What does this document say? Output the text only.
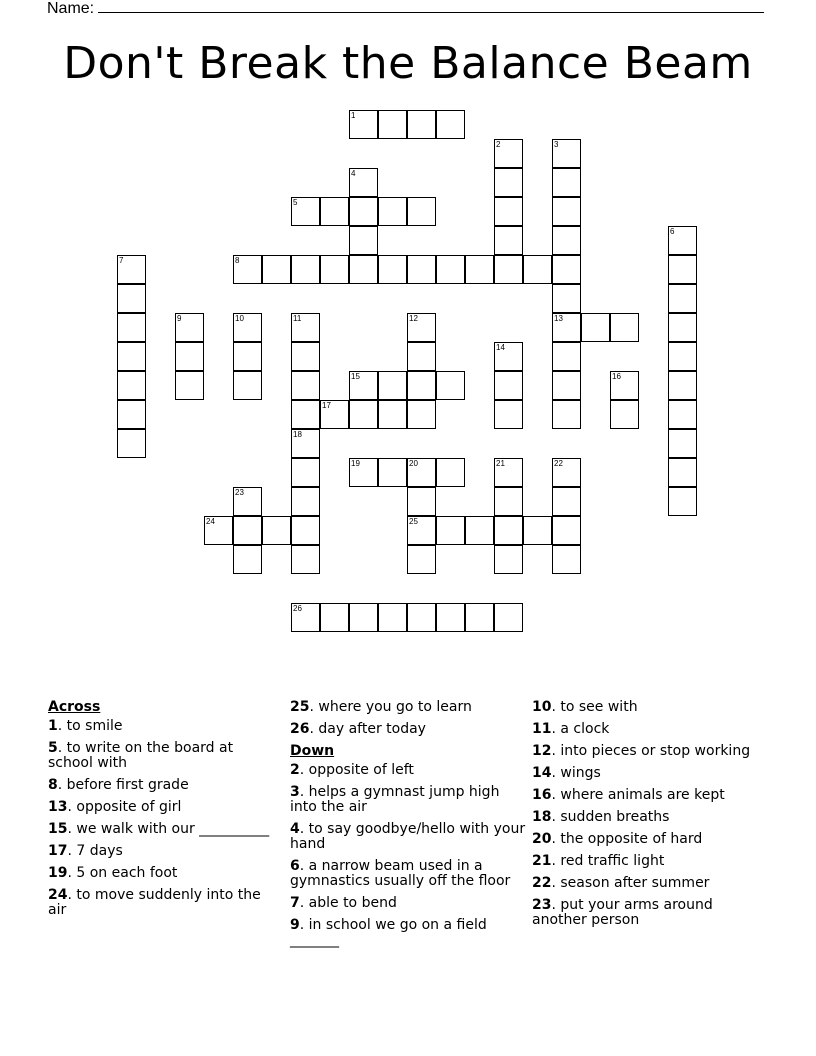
Name:
Don't Break the Balance Beam
1
2	3
13
4
5
6
7	8
9	10	11	12
14
15	16
17
18
19	20	21	22
23
24	25
26
Across
1. to smile
5. to write on the board at school with
8. before first grade
13. opposite of girl
15. we walk with our __________
17. 7 days
19. 5 on each foot
24. to move suddenly into the air
25. where you go to learn
26. day after today
Down
2. opposite of left
3. helps a gymnast jump high into the air
4. to say goodbye/hello with your hand
6. a narrow beam used in a gymnastics usually off the floor
7. able to bend
9. in school we go on a field _______
10. to see with
11. a clock
12. into pieces or stop working
14. wings
16. where animals are kept
18. sudden breaths
20. the opposite of hard
21. red traffic light
22. season after summer
23. put your arms around another person
